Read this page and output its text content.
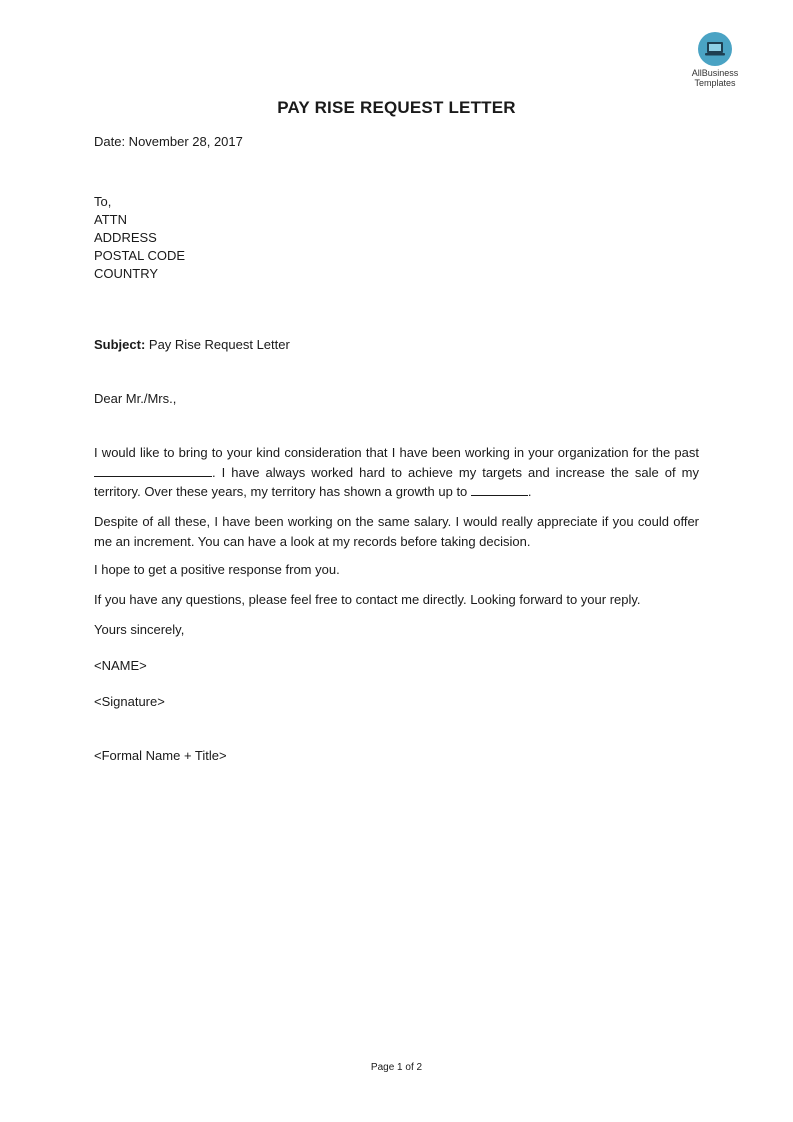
AllBusiness
Templates
PAY RISE REQUEST LETTER
Date: November 28, 2017
To,
ATTN
ADDRESS
POSTAL CODE
COUNTRY
Subject: Pay Rise Request Letter
Dear Mr./Mrs.,
I would like to bring to your kind consideration that I have been working in your organization for the past . I have always worked hard to achieve my targets and increase the sale of my territory. Over these years, my territory has shown a growth up to	.
Despite of all these, I have been working on the same salary. I would really appreciate if you could offer me an increment. You can have a look at my records before taking decision.
I hope to get a positive response from you.
If you have any questions, please feel free to contact me directly. Looking forward to your reply.
Yours sincerely,
<NAME>
<Signature>
<Formal Name + Title>
Page 1 of 2
